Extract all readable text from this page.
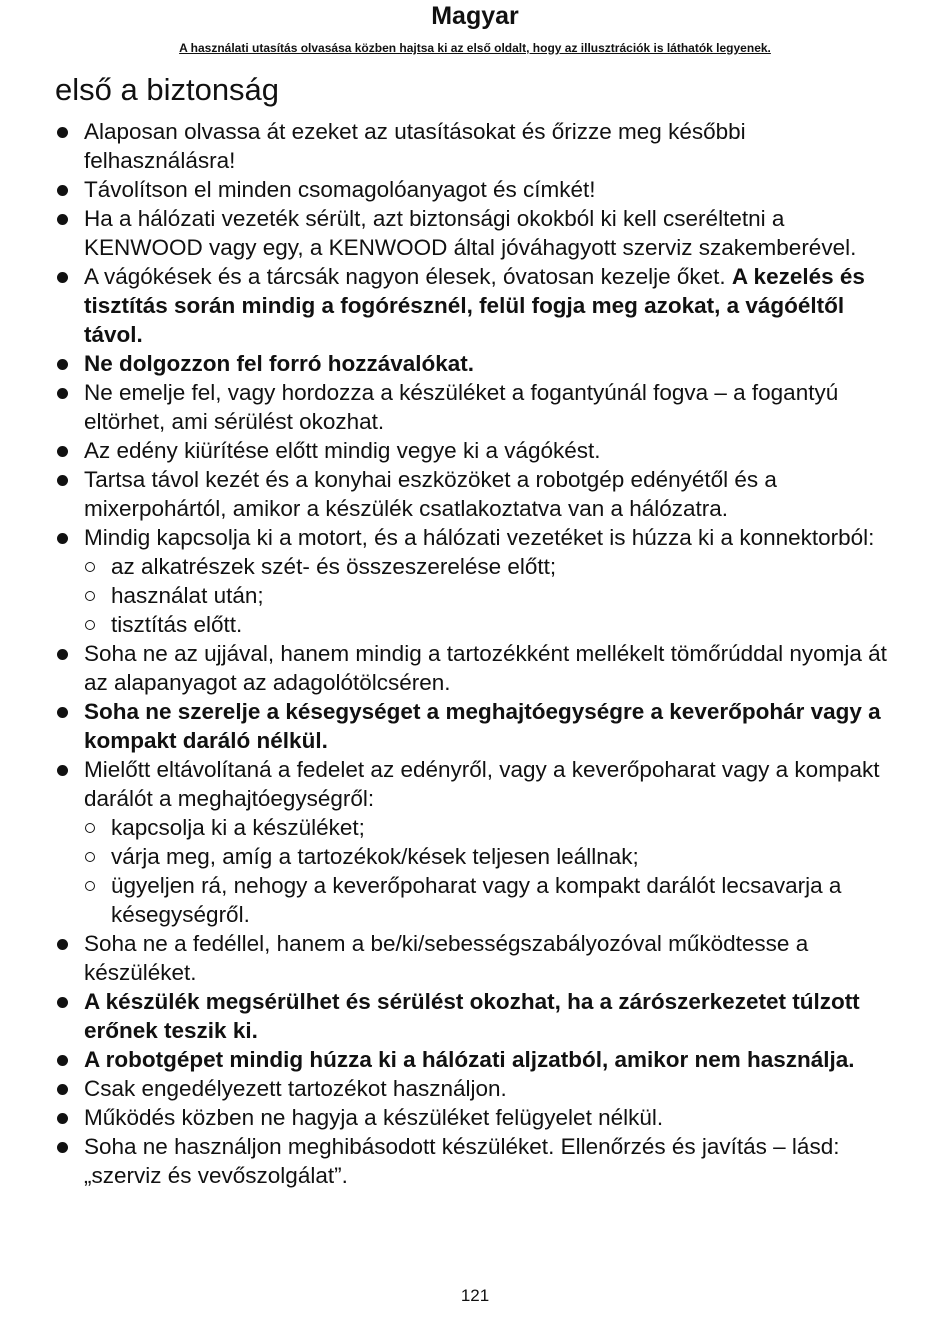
Magyar
A használati utasítás olvasása közben hajtsa ki az első oldalt, hogy az illusztrációk is láthatók legyenek.
első a biztonság
Alaposan olvassa át ezeket az utasításokat és őrizze meg későbbi felhasználásra!
Távolítson el minden csomagolóanyagot és címkét!
Ha a hálózati vezeték sérült, azt biztonsági okokból ki kell cseréltetni a KENWOOD vagy egy, a KENWOOD által jóváhagyott szerviz szakemberével.
A vágókések és a tárcsák nagyon élesek, óvatosan kezelje őket. A kezelés és tisztítás során mindig a fogórésznél, felül fogja meg azokat, a vágóéltől távol.
Ne dolgozzon fel forró hozzávalókat.
Ne emelje fel, vagy hordozza a készüléket a fogantyúnál fogva – a fogantyú eltörhet, ami sérülést okozhat.
Az edény kiürítése előtt mindig vegye ki a vágókést.
Tartsa távol kezét és a konyhai eszközöket a robotgép edényétől és a mixerpohártól, amikor a készülék csatlakoztatva van a hálózatra.
Mindig kapcsolja ki a motort, és a hálózati vezetéket is húzza ki a konnektorból:
az alkatrészek szét- és összeszerelése előtt;
használat után;
tisztítás előtt.
Soha ne az ujjával, hanem mindig a tartozékként mellékelt tömőrúddal nyomja át az alapanyagot az adagolótölcséren.
Soha ne szerelje a késegységet a meghajtóegységre a keverőpohár vagy a kompakt daráló nélkül.
Mielőtt eltávolítaná a fedelet az edényről, vagy a keverőpoharat vagy a kompakt darálót a meghajtóegységről:
kapcsolja ki a készüléket;
várja meg, amíg a tartozékok/kések teljesen leállnak;
ügyeljen rá, nehogy a keverőpoharat vagy a kompakt darálót lecsavarja a késegységről.
Soha ne a fedéllel, hanem a be/ki/sebességszabályozóval működtesse a készüléket.
A készülék megsérülhet és sérülést okozhat, ha a zárószerkezetet túlzott erőnek teszik ki.
A robotgépet mindig húzza ki a hálózati aljzatból, amikor nem használja.
Csak engedélyezett tartozékot használjon.
Működés közben ne hagyja a készüléket felügyelet nélkül.
Soha ne használjon meghibásodott készüléket. Ellenőrzés és javítás – lásd: „szerviz és vevőszolgálat”.
121
